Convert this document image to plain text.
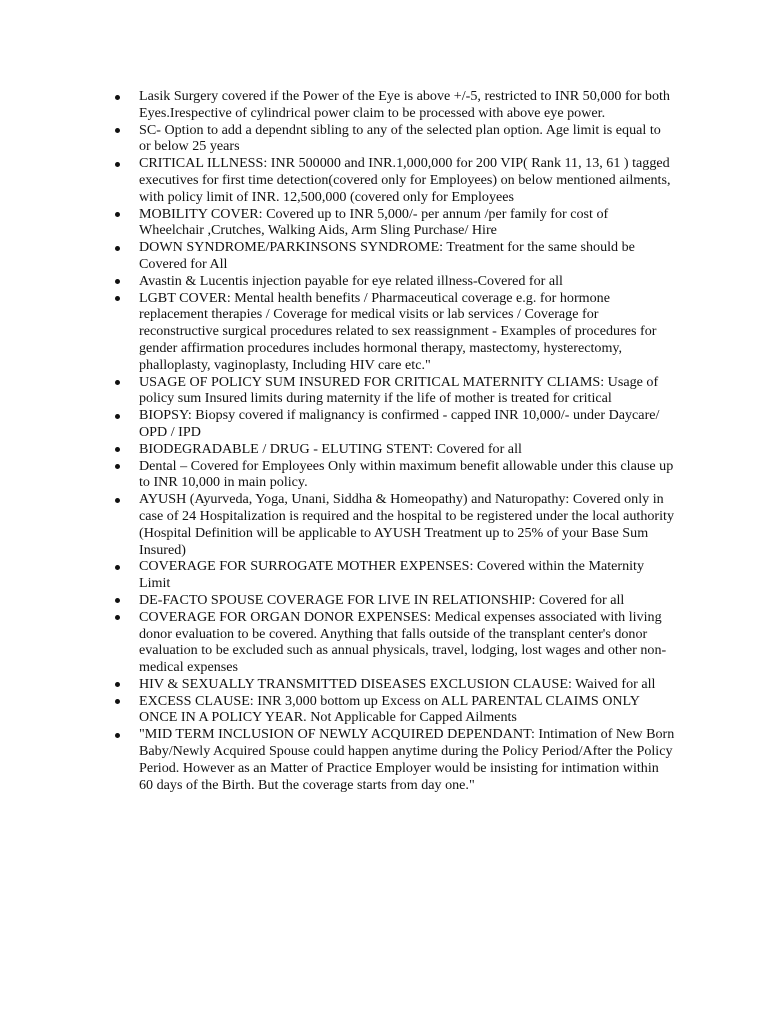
Lasik Surgery covered if the Power of the Eye is above +/-5, restricted to INR 50,000 for both Eyes.Irespective of cylindrical power claim to be processed with above eye power.
SC- Option to add a dependnt sibling to any of the selected plan option. Age limit is equal to or below 25 years
CRITICAL ILLNESS: INR 500000 and INR.1,000,000 for 200 VIP( Rank 11, 13, 61 ) tagged executives for first time detection(covered only for Employees) on below mentioned ailments, with policy limit of INR. 12,500,000 (covered only for Employees
MOBILITY COVER: Covered up to INR 5,000/- per annum /per family for cost of Wheelchair ,Crutches, Walking Aids, Arm Sling Purchase/ Hire
DOWN SYNDROME/PARKINSONS SYNDROME: Treatment for the same should be Covered for All
Avastin & Lucentis injection payable for eye related illness-Covered for all
LGBT COVER: Mental health benefits / Pharmaceutical coverage e.g. for hormone replacement therapies / Coverage for medical visits or lab services / Coverage for reconstructive surgical procedures related to sex reassignment - Examples of procedures for gender affirmation procedures includes hormonal therapy, mastectomy, hysterectomy, phalloplasty, vaginoplasty, Including HIV care etc."
USAGE OF POLICY SUM INSURED FOR CRITICAL MATERNITY CLIAMS: Usage of policy sum Insured limits during maternity if the life of mother is treated for critical
BIOPSY: Biopsy covered if malignancy is confirmed - capped INR 10,000/- under Daycare/ OPD / IPD
BIODEGRADABLE / DRUG - ELUTING STENT: Covered for all
Dental – Covered for Employees Only within maximum benefit allowable under this clause up to INR 10,000 in main policy.
AYUSH (Ayurveda, Yoga, Unani, Siddha & Homeopathy) and Naturopathy: Covered only in case of 24 Hospitalization is required and the hospital to be registered under the local authority (Hospital Definition will be applicable to AYUSH Treatment up to 25% of your Base Sum Insured)
COVERAGE FOR SURROGATE MOTHER EXPENSES: Covered within the Maternity Limit
DE-FACTO SPOUSE COVERAGE FOR LIVE IN RELATIONSHIP: Covered for all
COVERAGE FOR ORGAN DONOR EXPENSES: Medical expenses associated with living donor evaluation to be covered. Anything that falls outside of the transplant center's donor evaluation to be excluded such as annual physicals, travel, lodging, lost wages and other non-medical expenses
HIV & SEXUALLY TRANSMITTED DISEASES EXCLUSION CLAUSE: Waived for all
EXCESS CLAUSE: INR 3,000 bottom up Excess on ALL PARENTAL CLAIMS ONLY ONCE IN A POLICY YEAR. Not Applicable for Capped Ailments
"MID TERM INCLUSION OF NEWLY ACQUIRED DEPENDANT: Intimation of New Born Baby/Newly Acquired Spouse could happen anytime during the Policy Period/After the Policy Period. However as an Matter of Practice Employer would be insisting for intimation within 60 days of the Birth. But the coverage starts from day one."
